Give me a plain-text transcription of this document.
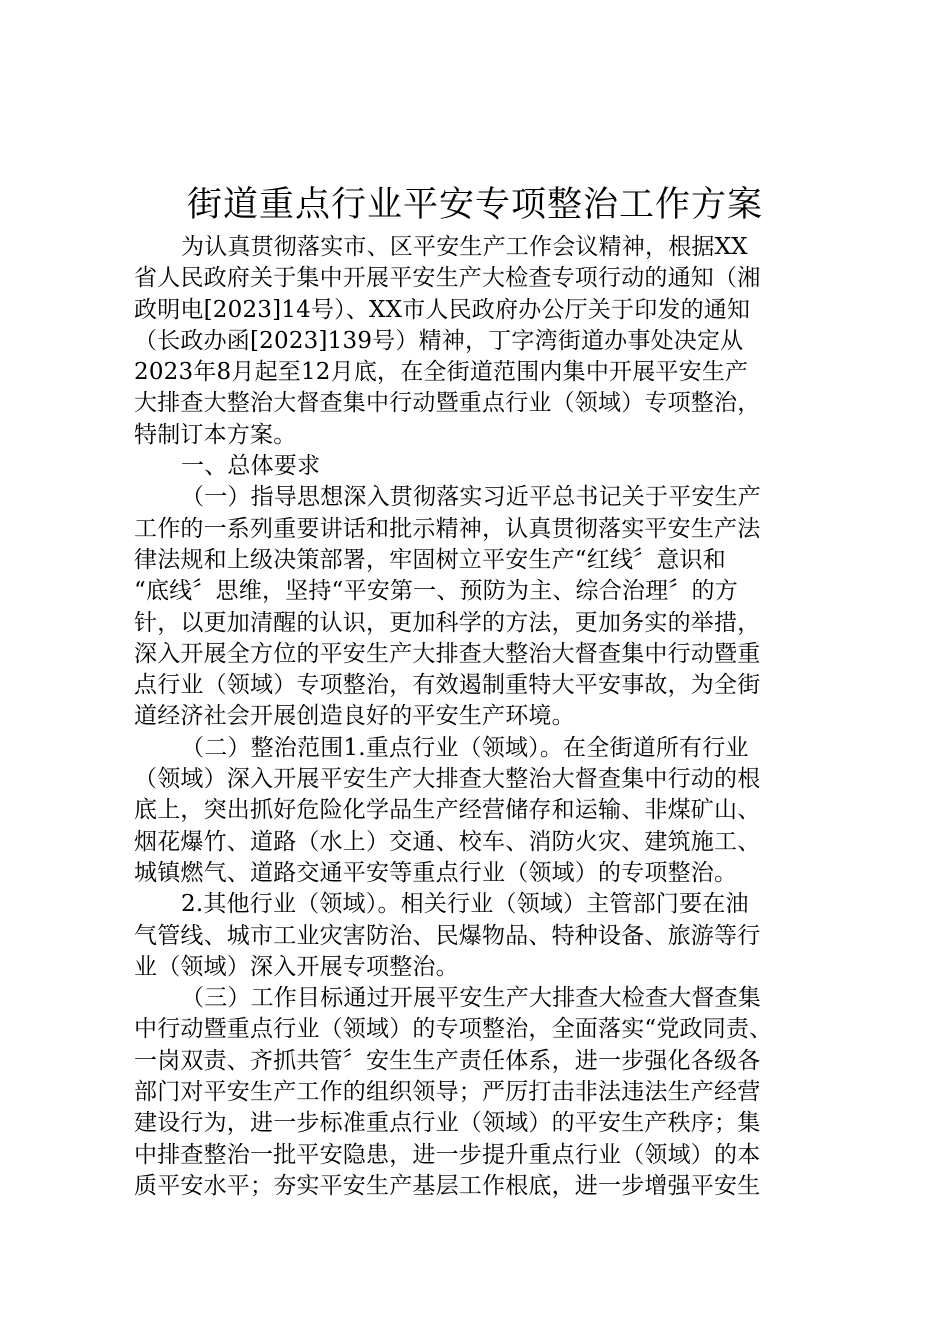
街道重点行业平安专项整治工作方案
为认真贯彻落实市、区平安生产工作会议精神，根据XX
省人民政府关于集中开展平安生产大检查专项行动的通知（湘
政明电[2023]14号）、XX市人民政府办公厅关于印发的通知
（长政办函[2023]139号）精神，丁字湾街道办事处决定从
2023年8月起至12月底，在全街道范围内集中开展平安生产
大排查大整治大督查集中行动暨重点行业（领域）专项整治，
特制订本方案。
一、总体要求
（一）指导思想深入贯彻落实习近平总书记关于平安生产
工作的一系列重要讲话和批示精神，认真贯彻落实平安生产法
律法规和上级决策部署，牢固树立平安生产“红线〞意识和
“底线〞思维，坚持“平安第一、预防为主、综合治理〞的方
针，以更加清醒的认识，更加科学的方法，更加务实的举措，
深入开展全方位的平安生产大排查大整治大督查集中行动暨重
点行业（领域）专项整治，有效遏制重特大平安事故，为全街
道经济社会开展创造良好的平安生产环境。
（二）整治范围1.重点行业（领域）。在全街道所有行业
（领域）深入开展平安生产大排查大整治大督查集中行动的根
底上，突出抓好危险化学品生产经营储存和运输、非煤矿山、
烟花爆竹、道路（水上）交通、校车、消防火灾、建筑施工、
城镇燃气、道路交通平安等重点行业（领域）的专项整治。
2.其他行业（领域）。相关行业（领域）主管部门要在油
气管线、城市工业灾害防治、民爆物品、特种设备、旅游等行
业（领域）深入开展专项整治。
（三）工作目标通过开展平安生产大排查大检查大督查集
中行动暨重点行业（领域）的专项整治，全面落实“党政同责、
一岗双责、齐抓共管〞安生生产责任体系，进一步强化各级各
部门对平安生产工作的组织领导；严厉打击非法违法生产经营
建设行为，进一步标准重点行业（领域）的平安生产秩序；集
中排查整治一批平安隐患，进一步提升重点行业（领域）的本
质平安水平；夯实平安生产基层工作根底，进一步增强平安生
